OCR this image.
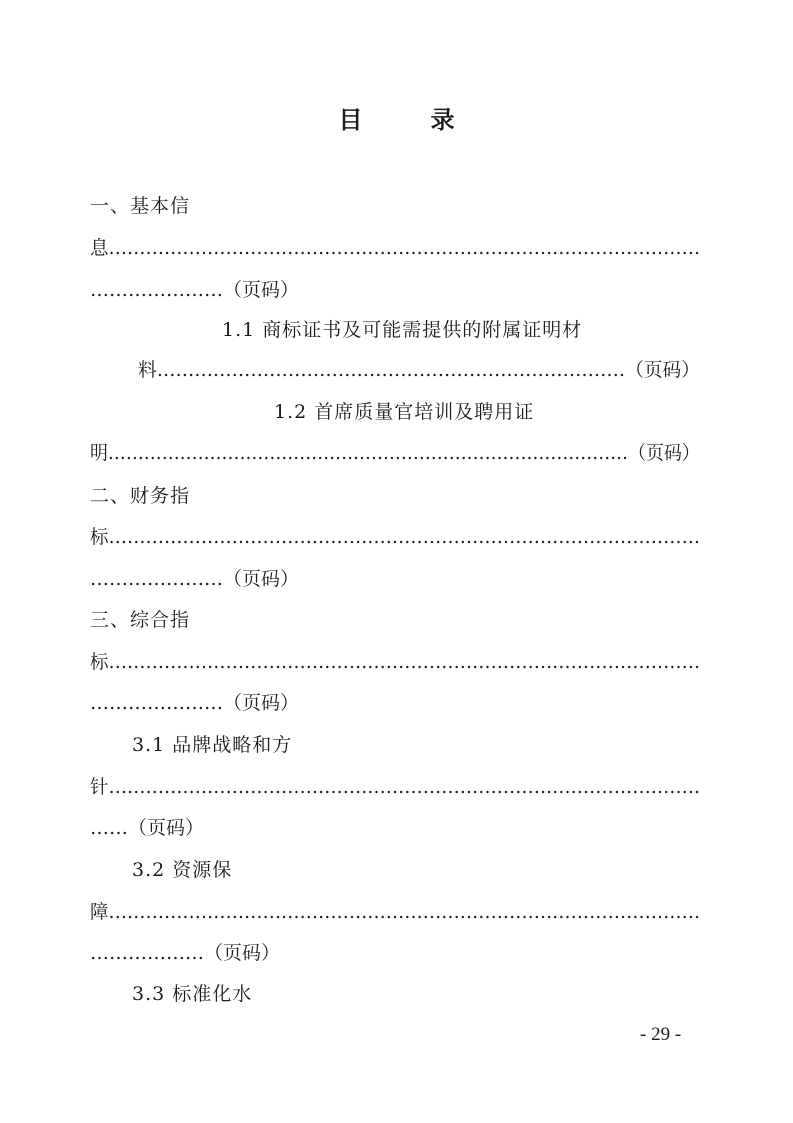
目　录
一、基本信
息……………………………………………………………………………………
…………………（页码）
1.1 商标证书及可能需提供的附属证明材
料…………………………………………………………………（页码）
1.2 首席质量官培训及聘用证
明……………………………………………………………………………（页码）
二、财务指
标……………………………………………………………………………………
…………………（页码）
三、综合指
标……………………………………………………………………………………
…………………（页码）
3.1 品牌战略和方
针……………………………………………………………………………………
……（页码）
3.2 资源保
障……………………………………………………………………………………
………………（页码）
3.3 标准化水
- 29 -
